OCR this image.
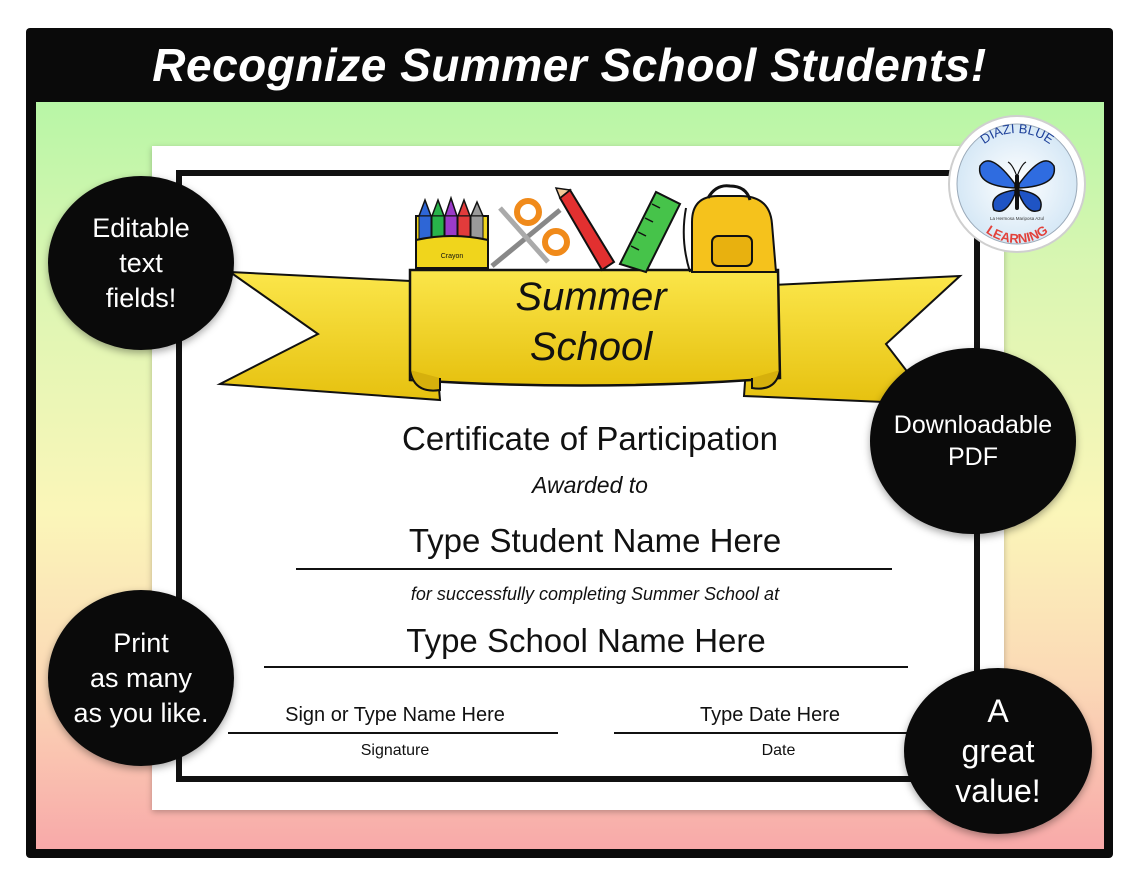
Recognize Summer School Students!
Crayon
Summer
School
Certificate of Participation
Awarded to
Type Student Name Here
for successfully completing Summer School at
Type School Name Here
Sign or Type Name Here
Signature
Type Date Here
Date
Editable
text
fields!
Downloadable
PDF
Print
as many
as you like.	A
great
value!
DIAZI BLUE
LEARNING
La Hermosa Mariposa Azul
